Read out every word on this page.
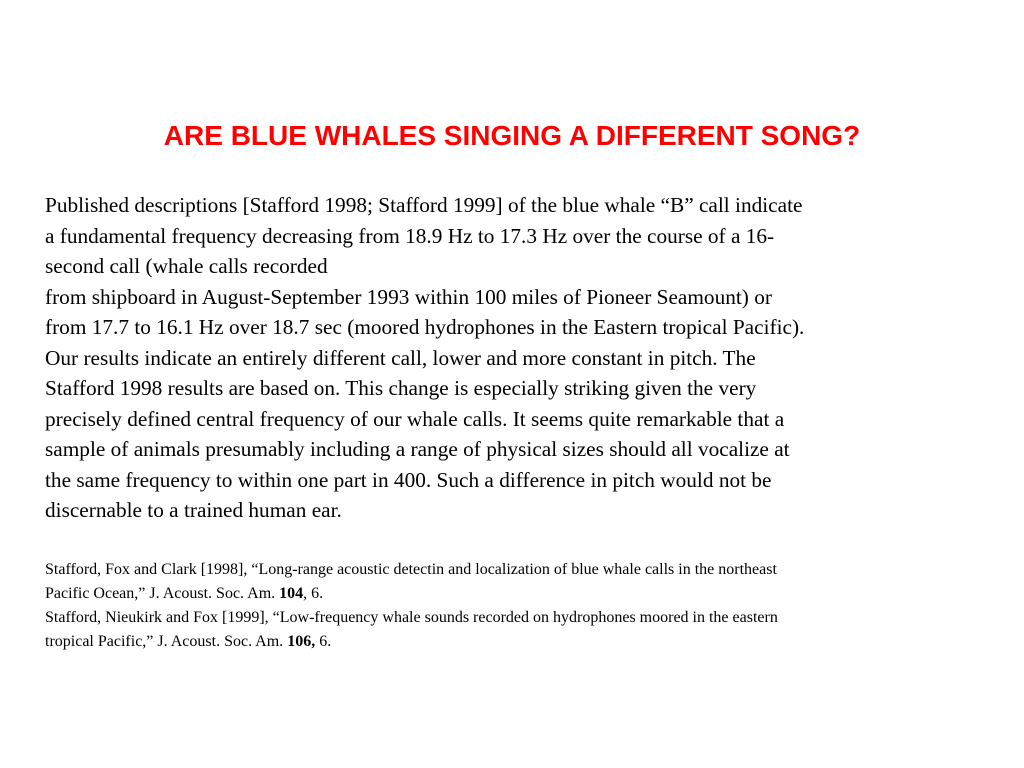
ARE BLUE WHALES SINGING A DIFFERENT SONG?
Published descriptions [Stafford 1998; Stafford 1999] of the blue whale “B” call indicate
a fundamental frequency decreasing from 18.9 Hz to 17.3 Hz over the course of a 16-
second call (whale calls recorded
from shipboard in August-September 1993 within 100 miles of Pioneer Seamount) or
from 17.7 to 16.1 Hz over 18.7 sec (moored hydrophones in the Eastern tropical Pacific).
Our results indicate an entirely different call, lower and more constant in pitch. The
Stafford 1998 results are based on. This change is especially striking given the very
precisely defined central frequency of our whale calls. It seems quite remarkable that a
sample of animals presumably including a range of physical sizes should all vocalize at
the same frequency to within one part in 400. Such a difference in pitch would not be
discernable to a trained human ear.
Stafford, Fox and Clark [1998], “Long-range acoustic detectin and localization of blue whale calls in the northeast
Pacific Ocean,” J. Acoust. Soc. Am. 104, 6.
Stafford, Nieukirk and Fox [1999], “Low-frequency whale sounds recorded on hydrophones moored in the eastern
tropical Pacific,” J. Acoust. Soc. Am. 106, 6.
